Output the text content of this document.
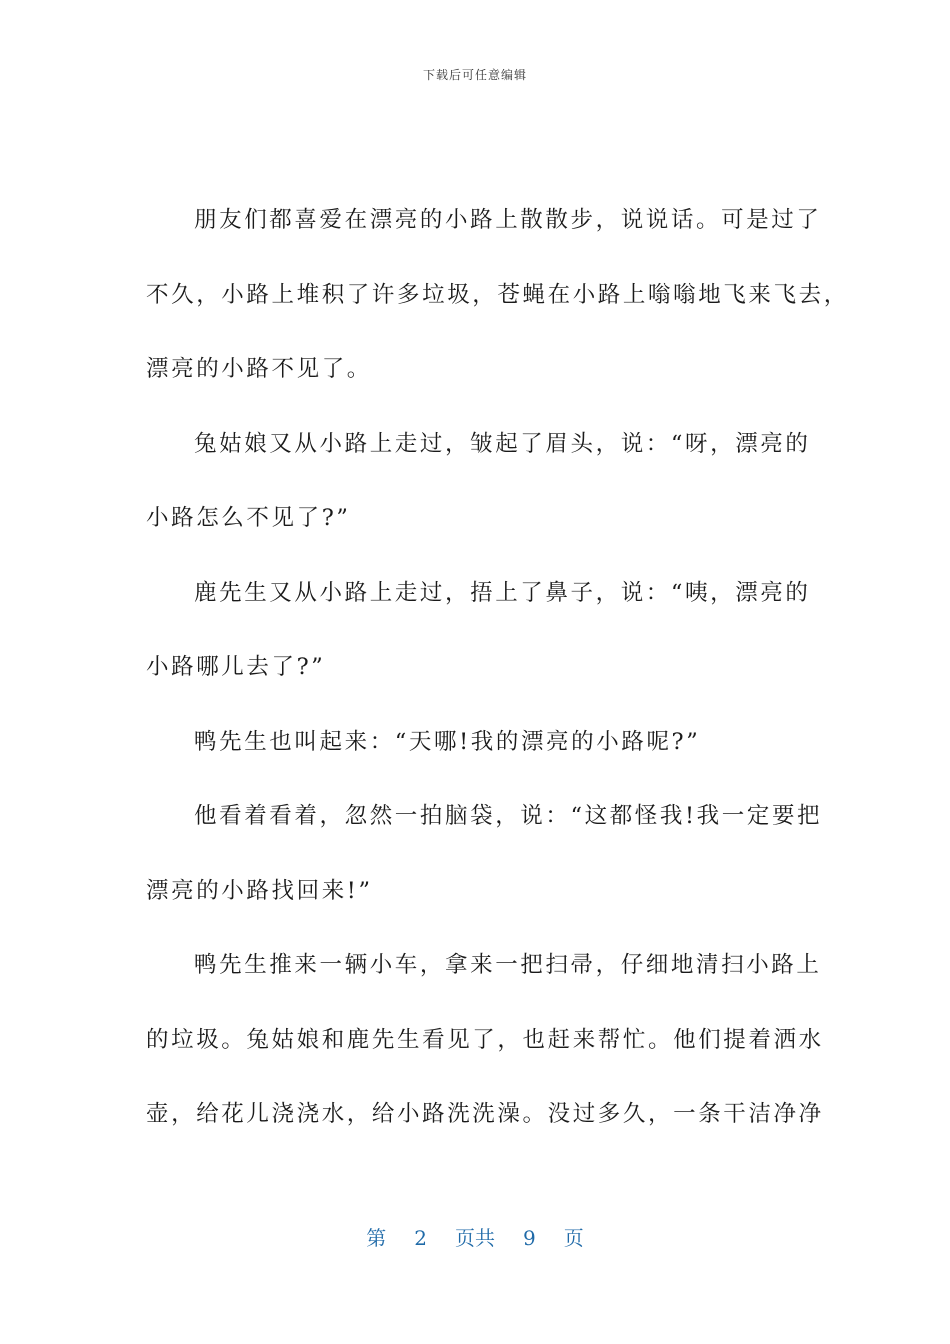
下载后可任意编辑
朋友们都喜爱在漂亮的小路上散散步，说说话。可是过了
不久，小路上堆积了许多垃圾，苍蝇在小路上嗡嗡地飞来飞去，
漂亮的小路不见了。
兔姑娘又从小路上走过，皱起了眉头，说：“呀，漂亮的
小路怎么不见了?”
鹿先生又从小路上走过，捂上了鼻子，说：“咦，漂亮的
小路哪儿去了?”
鸭先生也叫起来：“天哪!我的漂亮的小路呢?”
他看着看着，忽然一拍脑袋，说：“这都怪我!我一定要把
漂亮的小路找回来!”
鸭先生推来一辆小车，拿来一把扫帚，仔细地清扫小路上
的垃圾。兔姑娘和鹿先生看见了，也赶来帮忙。他们提着洒水
壶，给花儿浇浇水，给小路洗洗澡。没过多久，一条干洁净净
第 2 页共 9 页
